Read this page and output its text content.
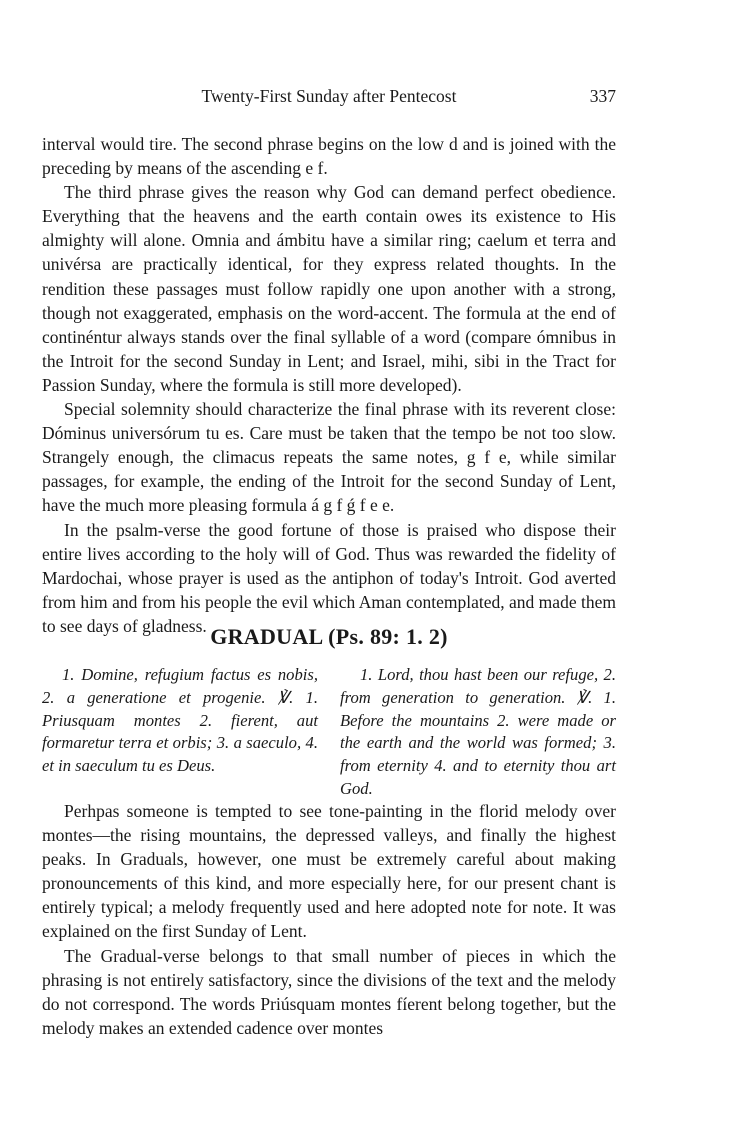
Twenty-First Sunday after Pentecost	337

interval would tire. The second phrase begins on the low d and is joined with the preceding by means of the ascending e f.

The third phrase gives the reason why God can demand perfect obedience. Everything that the heavens and the earth contain owes its existence to His almighty will alone. Omnia and ámbitu have a similar ring; caelum et terra and univérsa are practically identical, for they express related thoughts. In the rendition these passages must follow rapidly one upon another with a strong, though not exaggerated, emphasis on the word-accent. The formula at the end of continéntur always stands over the final syllable of a word (compare ómnibus in the Introit for the second Sunday in Lent; and Israel, mihi, sibi in the Tract for Passion Sunday, where the formula is still more developed).

Special solemnity should characterize the final phrase with its reverent close: Dóminus universórum tu es. Care must be taken that the tempo be not too slow. Strangely enough, the climacus repeats the same notes, g f e, while similar passages, for example, the ending of the Introit for the second Sunday of Lent, have the much more pleasing formula á g f ǵ f e e.

In the psalm-verse the good fortune of those is praised who dispose their entire lives according to the holy will of God. Thus was rewarded the fidelity of Mardochai, whose prayer is used as the antiphon of today's Introit. God averted from him and from his people the evil which Aman contemplated, and made them to see days of gladness. GRADUAL (Ps. 89: 1. 2)

1. Domine, refugium factus es nobis, 2. a generatione et progenie. ℣. 1. Priusquam montes 2. fierent, aut formaretur terra et orbis; 3. a saeculo, 4. et in saeculum tu es Deus.

1. Lord, thou hast been our refuge, 2. from generation to generation. ℣. 1. Before the mountains 2. were made or the earth and the world was formed; 3. from eternity 4. and to eternity thou art God.

Perhpas someone is tempted to see tone-painting in the florid melody over montes—the rising mountains, the depressed valleys, and finally the highest peaks. In Graduals, however, one must be extremely careful about making pronouncements of this kind, and more especially here, for our present chant is entirely typical; a melody frequently used and here adopted note for note. It was explained on the first Sunday of Lent.

The Gradual-verse belongs to that small number of pieces in which the phrasing is not entirely satisfactory, since the divisions of the text and the melody do not correspond. The words Priúsquam montes fíerent belong together, but the melody makes an extended cadence over montes
